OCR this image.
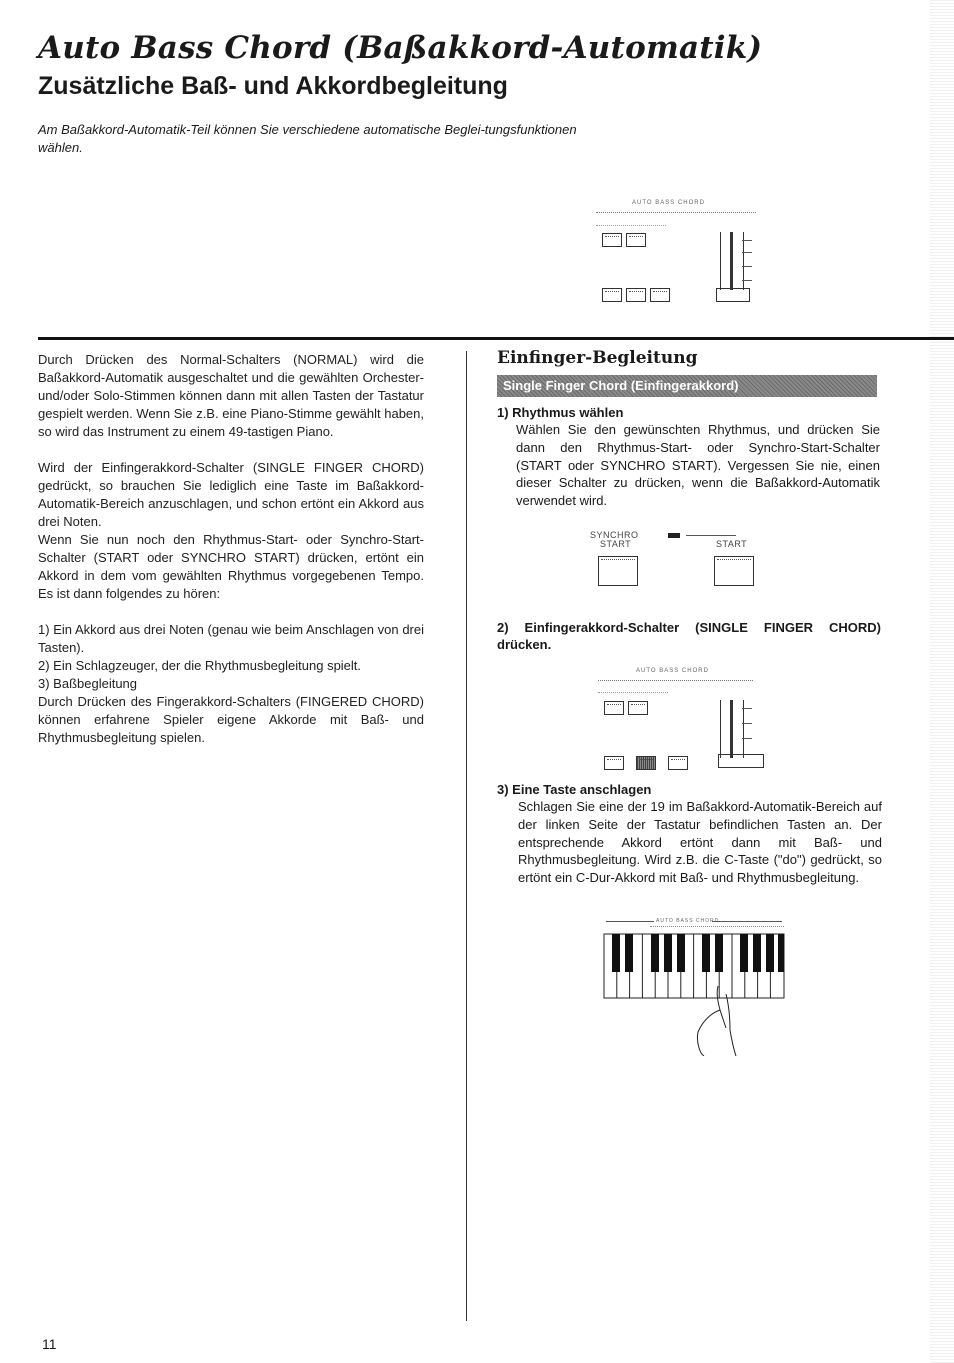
Auto Bass Chord (Baßakkord-Automatik)
Zusätzliche Baß- und Akkordbegleitung
Am Baßakkord-Automatik-Teil können Sie verschiedene automatische Beglei-tungsfunktionen wählen.
AUTO BASS CHORD

Durch Drücken des Normal-Schalters (NORMAL) wird die Baßakkord-Automatik ausgeschaltet und die gewählten Orchester- und/oder Solo-Stimmen können dann mit allen Tasten der Tastatur gespielt werden. Wenn Sie z.B. eine Piano-Stimme gewählt haben, so wird das Instrument zu einem 49-tastigen Piano.

Wird der Einfingerakkord-Schalter (SINGLE FINGER CHORD) gedrückt, so brauchen Sie lediglich eine Taste im Baßakkord-Automatik-Bereich anzuschlagen, und schon ertönt ein Akkord aus drei Noten.

Wenn Sie nun noch den Rhythmus-Start- oder Synchro-Start-Schalter (START oder SYNCHRO START) drücken, ertönt ein Akkord in dem vom gewählten Rhythmus vorgegebenen Tempo. Es ist dann folgendes zu hören:

1) Ein Akkord aus drei Noten (genau wie beim Anschlagen von drei Tasten).

2) Ein Schlagzeuger, der die Rhythmusbegleitung spielt.

3) Baßbegleitung

Durch Drücken des Fingerakkord-Schalters (FINGERED CHORD) können erfahrene Spieler eigene Akkorde mit Baß- und Rhythmusbegleitung spielen.

Einfinger-Begleitung
Single Finger Chord (Einfingerakkord)
1) Rhythmus wählen
Wählen Sie den gewünschten Rhythmus, und drücken Sie dann den Rhythmus-Start- oder Synchro-Start-Schalter (START oder SYNCHRO START). Vergessen Sie nie, einen dieser Schalter zu drücken, wenn die Baßakkord-Automatik verwendet wird.
SYNCHRO
START	START
2) Einfingerakkord-Schalter (SINGLE FINGER CHORD) drücken.
AUTO BASS CHORD
3) Eine Taste anschlagen
Schlagen Sie eine der 19 im Baßakkord-Automatik-Bereich auf der linken Seite der Tastatur befindlichen Tasten an. Der entsprechende Akkord ertönt dann mit Baß- und Rhythmusbegleitung. Wird z.B. die C-Taste ("do") gedrückt, so ertönt ein C-Dur-Akkord mit Baß- und Rhythmusbegleitung.
AUTO BASS CHORD
11
